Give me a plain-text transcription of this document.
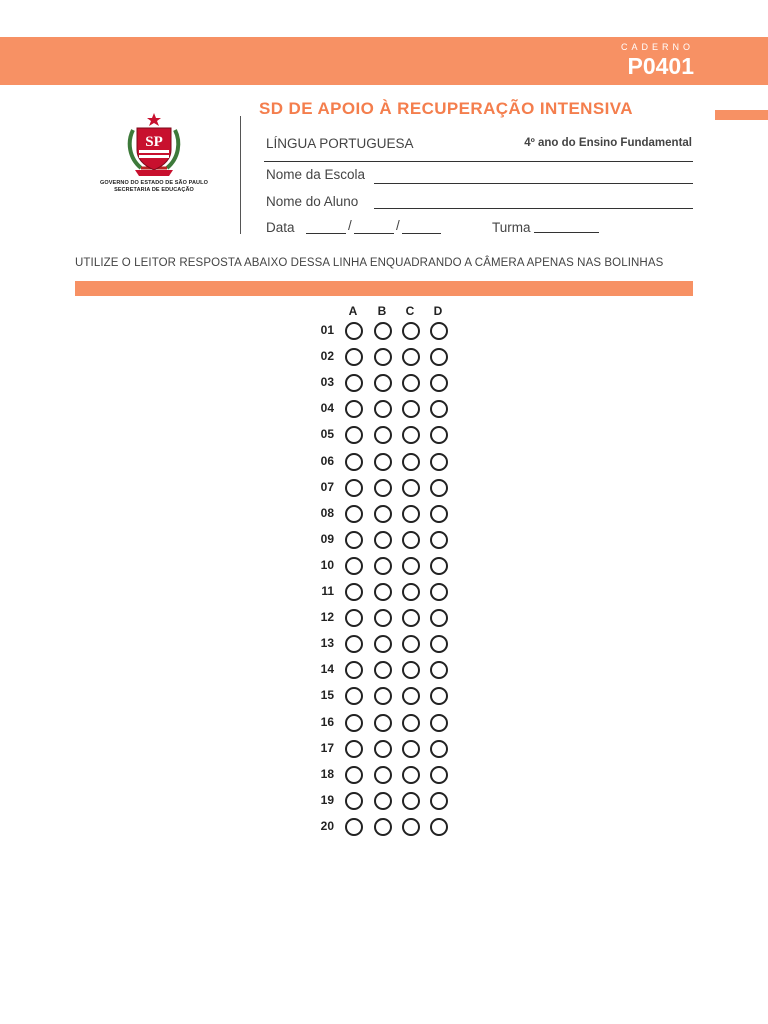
CADERNO
P0401
SP
GOVERNO DO ESTADO DE SÃO PAULO
SECRETARIA DE EDUCAÇÃO
SD DE APOIO À RECUPERAÇÃO INTENSIVA
LÍNGUA PORTUGUESA	4º ano do Ensino Fundamental
Nome da Escola
Nome do Aluno
Data	/	/	Turma
UTILIZE O LEITOR RESPOSTA ABAIXO DESSA LINHA ENQUADRANDO A CÂMERA APENAS NAS BOLINHAS
A	B	C	D
01
02
03
04
05
06
07
08
09
10
11
12
13
14
15
16
17
18
19
20
